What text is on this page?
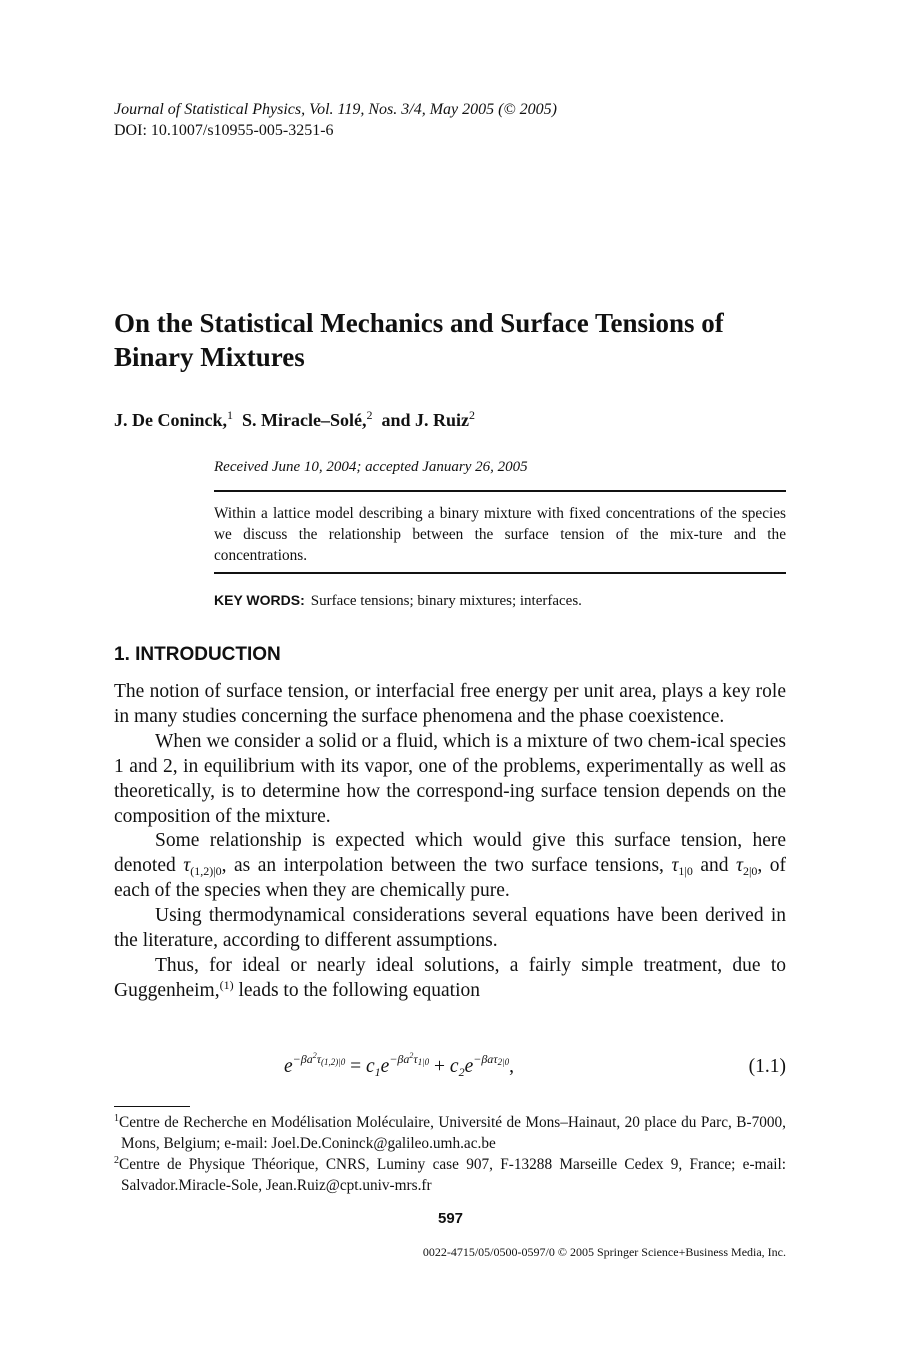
Journal of Statistical Physics, Vol. 119, Nos. 3/4, May 2005 (© 2005)
DOI: 10.1007/s10955-005-3251-6
On the Statistical Mechanics and Surface Tensions of Binary Mixtures
J. De Coninck,$^1$ S. Miracle–Solé,$^2$ and J. Ruiz$^2$
Received June 10, 2004; accepted January 26, 2005

Within a lattice model describing a binary mixture with fixed concentrations of the species we discuss the relationship between the surface tension of the mix-ture and the concentrations.

KEY WORDS: Surface tensions; binary mixtures; interfaces.
1. INTRODUCTION

The notion of surface tension, or interfacial free energy per unit area, plays a key role in many studies concerning the surface phenomena and the phase coexistence.

When we consider a solid or a fluid, which is a mixture of two chem-ical species 1 and 2, in equilibrium with its vapor, one of the problems, experimentally as well as theoretically, is to determine how the correspond-ing surface tension depends on the composition of the mixture.

Some relationship is expected which would give this surface tension, here denoted $\tau_{(1,2)|0}$, as an interpolation between the two surface tensions, $\tau_{1|0}$ and $\tau_{2|0}$, of each of the species when they are chemically pure.

Using thermodynamical considerations several equations have been derived in the literature, according to different assumptions.

Thus, for ideal or nearly ideal solutions, a fairly simple treatment, due to Guggenheim,$^{(1)}$ leads to the following equation

$e^{-\beta a^2\tau(1,2)|0} = c_1e^{-\beta a^2\tau 1|0} + c_2e^{-\beta a\tau 2|0}$,	(1.1)

$^1$Centre de Recherche en Modélisation Moléculaire, Université de Mons–Hainaut, 20 place du Parc, B-7000, Mons, Belgium; e-mail: Joel.De.Coninck@galileo.umh.ac.be

$^2$Centre de Physique Théorique, CNRS, Luminy case 907, F-13288 Marseille Cedex 9, France; e-mail: Salvador.Miracle-Sole, Jean.Ruiz@cpt.univ-mrs.fr

597
0022-4715/05/0500-0597/0 © 2005 Springer Science+Business Media, Inc.
